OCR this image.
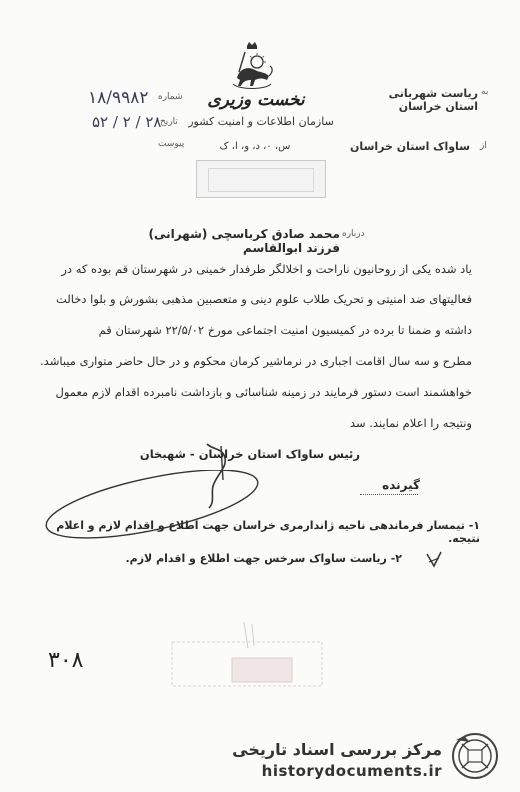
۱۸/۹۹۸۲ شماره
۵۲ / ۲ / ۲۸
تاریخ
پیوست
نخست وزیری
سازمان اطلاعات و امنیت کشور
س، ۰، د، و، ا، ک
ریاست شهربانی استان خراسان
به
ساواک استان خراسان از
درباره
محمد صادق کرباسچی (شهرانی) فرزند ابوالقاسم
یاد شده یکی از روحانیون ناراحت و اخلالگر طرفدار خمینی در شهرستان قم بوده که در
فعالیتهای ضد امنیتی و تحریک طلاب علوم دینی و متعصبین مذهبی بشورش و بلوا دخالت
داشته و ضمنا تا برده در کمیسیون امنیت اجتماعی مورخ ۲۲/۵/۰۲ شهرستان قم
مطرح و سه سال اقامت اجباری در نرماشیر کرمان محکوم و در حال حاضر متواری میباشد.
خواهشمند است دستور فرمایند در زمینه شناسائی و بازداشت نامبرده اقدام لازم معمول
ونتیجه را اعلام نمایند. سد
رئیس ساواک استان خراسان - شهبخان
گیرنده
۱- تیمسار فرماندهی ناحیه ژاندارمری خراسان جهت اطلاع و اقدام لازم و اعلام نتیجه.
۲- ریاست ساواک سرخس جهت اطلاع و اقدام لازم.
۳۰۸
مرکز بررسی اسناد تاریخی
historydocuments.ir
